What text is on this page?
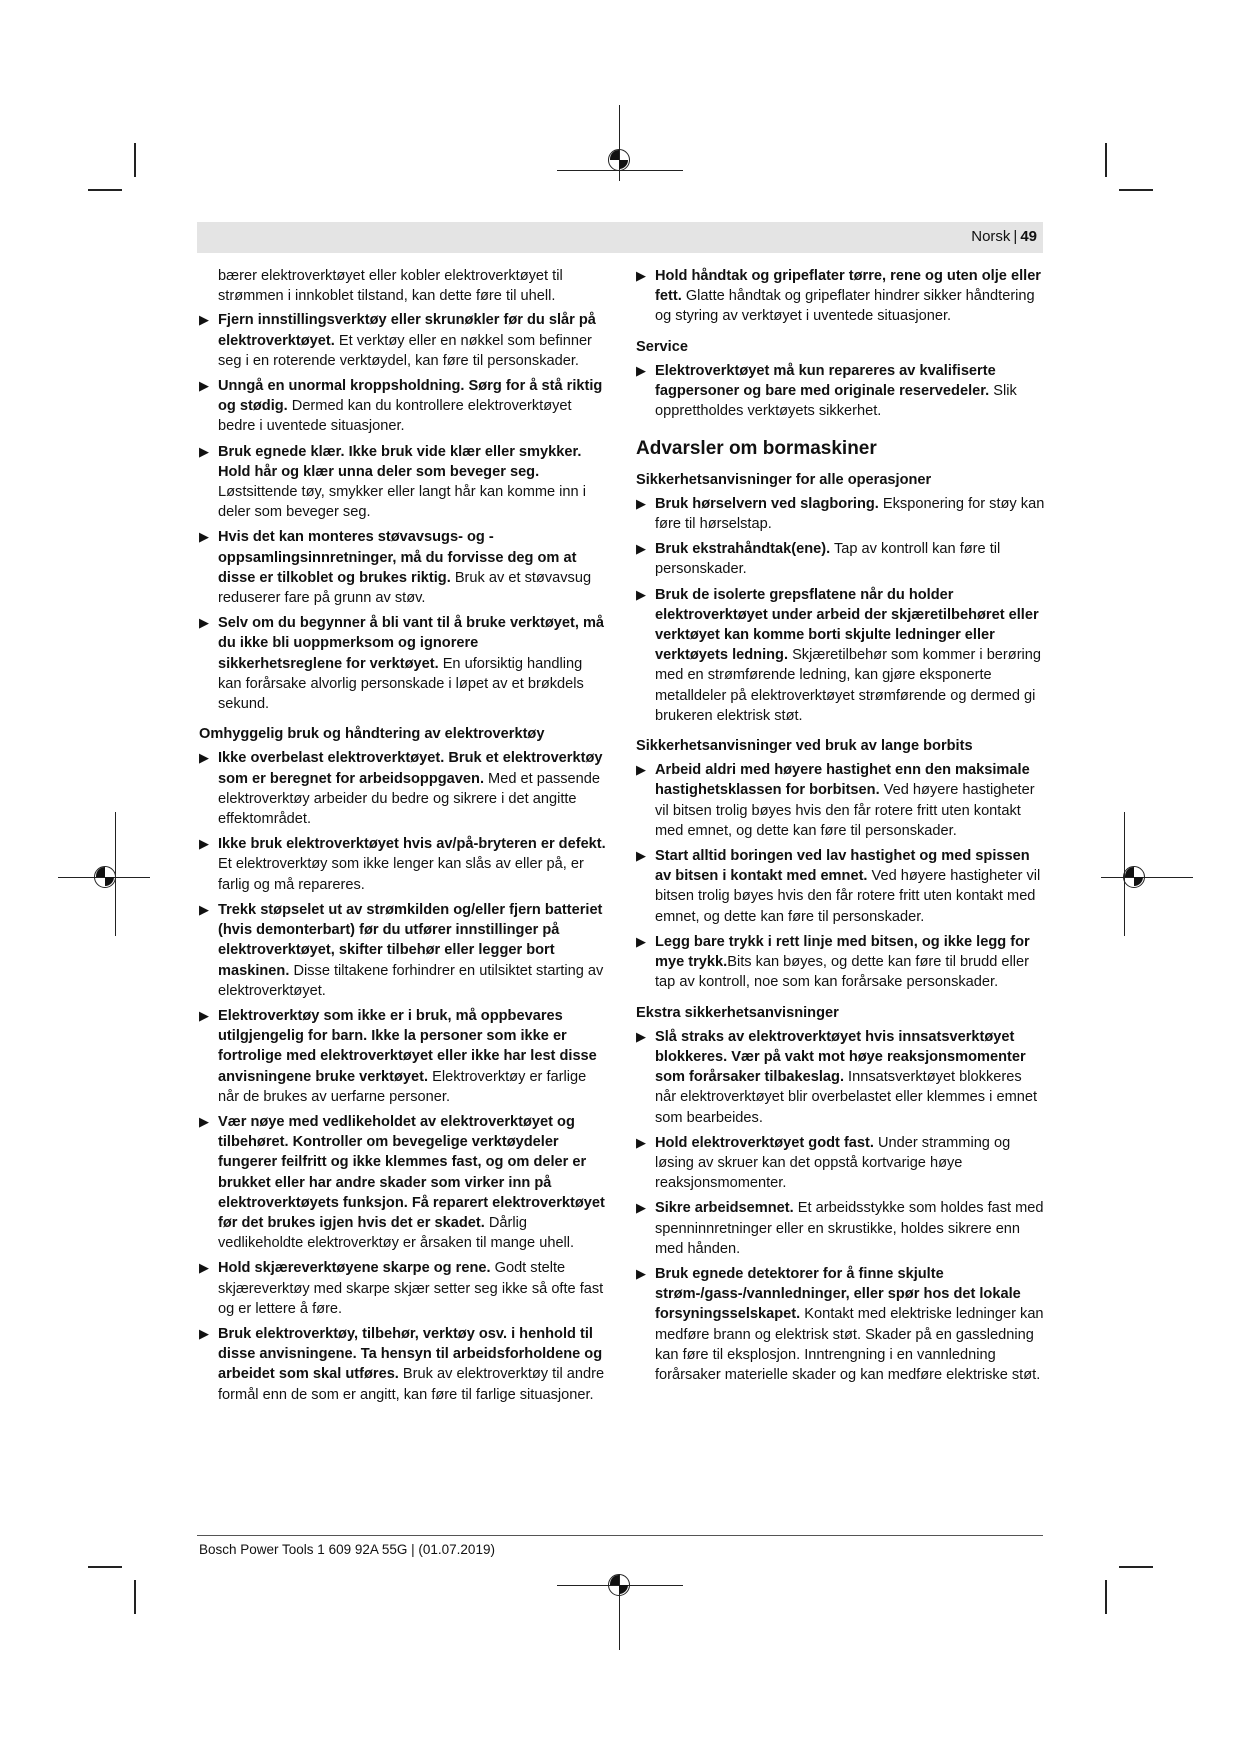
Norsk | 49

bærer elektroverktøyet eller kobler elektroverktøyet til strømmen i innkoblet tilstand, kan dette føre til uhell.

▶ Fjern innstillingsverktøy eller skrunøkler før du slår på elektroverktøyet. Et verktøy eller en nøkkel som befinner seg i en roterende verktøydel, kan føre til personskader.
▶ Unngå en unormal kroppsholdning. Sørg for å stå riktig og stødig. Dermed kan du kontrollere elektroverktøyet bedre i uventede situasjoner.
▶ Bruk egnede klær. Ikke bruk vide klær eller smykker. Hold hår og klær unna deler som beveger seg. Løstsittende tøy, smykker eller langt hår kan komme inn i deler som beveger seg.
▶ Hvis det kan monteres støvavsugs- og -oppsamlingsinnretninger, må du forvisse deg om at disse er tilkoblet og brukes riktig. Bruk av et støvavsug reduserer fare på grunn av støv.
▶ Selv om du begynner å bli vant til å bruke verktøyet, må du ikke bli uoppmerksom og ignorere sikkerhetsreglene for verktøyet. En uforsiktig handling kan forårsake alvorlig personskade i løpet av et brøkdels sekund.
Omhyggelig bruk og håndtering av elektroverktøy
▶ Ikke overbelast elektroverktøyet. Bruk et elektroverktøy som er beregnet for arbeidsoppgaven. Med et passende elektroverktøy arbeider du bedre og sikrere i det angitte effektområdet.
▶ Ikke bruk elektroverktøyet hvis av/på-bryteren er defekt. Et elektroverktøy som ikke lenger kan slås av eller på, er farlig og må repareres.
▶ Trekk støpselet ut av strømkilden og/eller fjern batteriet (hvis demonterbart) før du utfører innstillinger på elektroverktøyet, skifter tilbehør eller legger bort maskinen. Disse tiltakene forhindrer en utilsiktet starting av elektroverktøyet.
▶ Elektroverktøy som ikke er i bruk, må oppbevares utilgjengelig for barn. Ikke la personer som ikke er fortrolige med elektroverktøyet eller ikke har lest disse anvisningene bruke verktøyet. Elektroverktøy er farlige når de brukes av uerfarne personer.
▶ Vær nøye med vedlikeholdet av elektroverktøyet og tilbehøret. Kontroller om bevegelige verktøydeler fungerer feilfritt og ikke klemmes fast, og om deler er brukket eller har andre skader som virker inn på elektroverktøyets funksjon. Få reparert elektroverktøyet før det brukes igjen hvis det er skadet. Dårlig vedlikeholdte elektroverktøy er årsaken til mange uhell.
▶ Hold skjæreverktøyene skarpe og rene. Godt stelte skjæreverktøy med skarpe skjær setter seg ikke så ofte fast og er lettere å føre.
▶ Bruk elektroverktøy, tilbehør, verktøy osv. i henhold til disse anvisningene. Ta hensyn til arbeidsforholdene og arbeidet som skal utføres. Bruk av elektroverktøy til andre formål enn de som er angitt, kan føre til farlige situasjoner.
▶ Hold håndtak og gripeflater tørre, rene og uten olje eller fett. Glatte håndtak og gripeflater hindrer sikker håndtering og styring av verktøyet i uventede situasjoner.
Service
▶ Elektroverktøyet må kun repareres av kvalifiserte fagpersoner og bare med originale reservedeler. Slik opprettholdes verktøyets sikkerhet.
Advarsler om bormaskiner
Sikkerhetsanvisninger for alle operasjoner
▶ Bruk hørselvern ved slagboring. Eksponering for støy kan føre til hørselstap.
▶ Bruk ekstrahåndtak(ene). Tap av kontroll kan føre til personskader.
▶ Bruk de isolerte grepsflatene når du holder elektroverktøyet under arbeid der skjæretilbehøret eller verktøyet kan komme borti skjulte ledninger eller verktøyets ledning. Skjæretilbehør som kommer i berøring med en strømførende ledning, kan gjøre eksponerte metalldeler på elektroverktøyet strømførende og dermed gi brukeren elektrisk støt.
Sikkerhetsanvisninger ved bruk av lange borbits
▶ Arbeid aldri med høyere hastighet enn den maksimale hastighetsklassen for borbitsen. Ved høyere hastigheter vil bitsen trolig bøyes hvis den får rotere fritt uten kontakt med emnet, og dette kan føre til personskader.
▶ Start alltid boringen ved lav hastighet og med spissen av bitsen i kontakt med emnet. Ved høyere hastigheter vil bitsen trolig bøyes hvis den får rotere fritt uten kontakt med emnet, og dette kan føre til personskader.
▶ Legg bare trykk i rett linje med bitsen, og ikke legg for mye trykk.Bits kan bøyes, og dette kan føre til brudd eller tap av kontroll, noe som kan forårsake personskader.
Ekstra sikkerhetsanvisninger
▶ Slå straks av elektroverktøyet hvis innsatsverktøyet blokkeres. Vær på vakt mot høye reaksjonsmomenter som forårsaker tilbakeslag. Innsatsverktøyet blokkeres når elektroverktøyet blir overbelastet eller klemmes i emnet som bearbeides.
▶ Hold elektroverktøyet godt fast. Under stramming og løsing av skruer kan det oppstå kortvarige høye reaksjonsmomenter.
▶ Sikre arbeidsemnet. Et arbeidsstykke som holdes fast med spenninnretninger eller en skrustikke, holdes sikrere enn med hånden.
▶ Bruk egnede detektorer for å finne skjulte strøm-/gass-/vannledninger, eller spør hos det lokale forsyningsselskapet. Kontakt med elektriske ledninger kan medføre brann og elektrisk støt. Skader på en gassledning kan føre til eksplosjon. Inntrengning i en vannledning forårsaker materielle skader og kan medføre elektriske støt.
Bosch Power Tools 1 609 92A 55G | (01.07.2019)
